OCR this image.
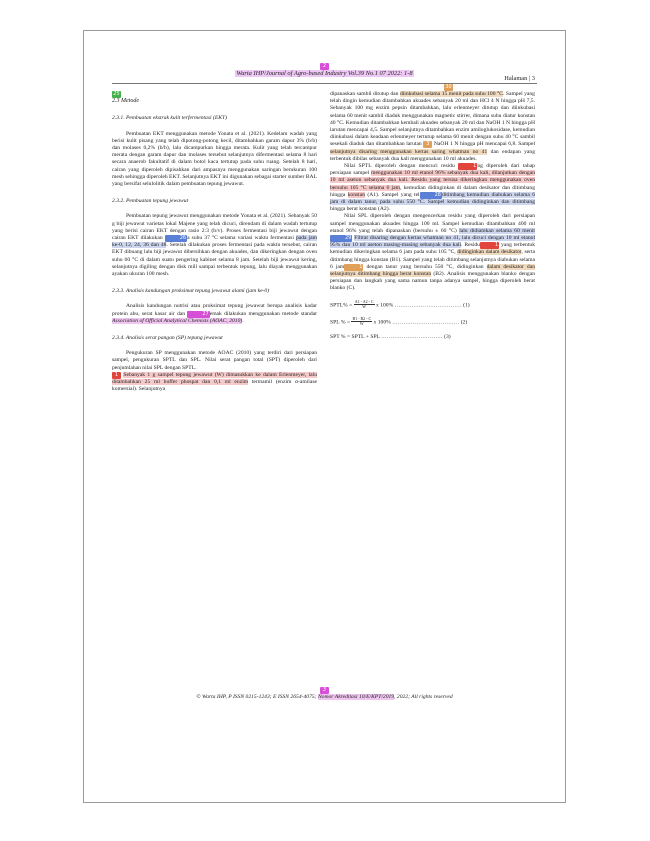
2
Warta IHP/Journal of Agro-based Industry Vol.39 No.1 07 2022: 1-8
30
Halaman | 3

25
2.3 Metode

2.3.1. Pembuatan ekstrak kulit terfermentasi (EKT)

Pembuatan EKT menggunakan metode Yonata et al. (2021). Kedelam wadah yang berisi kulit pisang yang telah dipotong-potong kecil, ditambahkan garam dapur 3% (b/b) dan molases 0,2% (b/b), lalu dicampurkan hingga merata. Kulit yang telah tercampur merata dengan garam dapur dan molases tersebut selanjutnya difermentasi selama 8 hari secara anaerob fakultatif di dalam botol kaca tertutup pada suhu ruang. Setelah 8 hari, cairan yang diperoleh dipisahkan dari ampasnya menggunakan saringan berukuran 100 mesh sehingga diperoleh EKT. Selanjutnya EKT ini digunakan sebagai starter sumber BAL yang bersifat selulolitik dalam pembuatan tepung jewawut.

2.3.2. Pembuatan tepung jewawut

Pembuatan tepung jewawut menggunakan metode Yonata et al. (2021). Sebanyak 50 g biji jewawut varietas lokal Majene yang telah dicuci, direndam di dalam wadah tertutup yang berisi cairan EKT dengan rasio 2:3 (b/v). Proses fermentasi biji jewawut dengan cairan EKT dilakukan	26a suhu 37 °C selama variasi waktu fermentasi pada jam ke-0, 12, 24, 36 dan 48. Setelah dilakukan proses fermentasi pada waktu tersebut, cairan EKT dibuang lalu biji jewawut dibersihkan dengan akuades, dan dikeringkan dengan oven suhu 60 °C di dalam suatu pengering kabinet selama 8 jam. Setelah biji jewawut kering, selanjutnya digiling dengan disk mill sampai terbentuk tepung, lalu diayak menggunakan ayakan ukuran 100 mesh.

2.3.3. Analisis kandungan proksimat tepung jewawut alami (jam ke-0)

Analisis kandungan nutrisi atau proksimat tepung jewawut berupa analisis kadar protein abu, serat kasar air dan	27emak dilakukan menggunakan metode standar Association of Official Analytical Chemists (AOAC, 2010).

2.3.4. Analisis serat pangan (SP) tepung jewawut

Pengukuran SP menggunakan metode AOAC (2010) yang terdiri dari persiapan sampel, pengukuran SPTL dan SPL. Nilai serat pangan total (SPT) diperoleh dari penjumlahan nilai SPL dengan SPTL.

1 Sebanyak 1 g sampel tepung jewawut (W) dimasukkan ke dalam Erlenmeyer, lalu ditambahkan 25 ml buffer phospat dan 0,1 ml enzim termamil (enzim α-amilase komersial). Selanjutnya

dipanaskan sambil ditutup dan diinkubasi selama 15 menit pada suhu 100 °C. Sampel yang telah dingin kemudian ditambahkan akuades sebanyak 20 ml dan HCl 4 N hingga pH 7,5. Sebanyak 100 mg enzim pepsin ditambahkan, lalu erlenmeyer ditutup dan diinkubasi selama 60 menit sambil diaduk menggunakan magnetic stirrer, dimana suhu diatur konstan 40 °C. Kemudian ditambahkan kembali akuades sebanyak 20 ml dan NaOH 1 N hingga pH larutan mencapai 4,5. Sampel selanjutnya ditambahkan enzim amiloglukosidase, kemudian diinkubasi dalam keadaan erlenmeyer tertutup selama 60 menit dengan suhu 40 °C sambil sesekali diaduk dan ditambahkan larutan 3 NaOH 1 N hingga pH mencapai 6,8. Sampel selanjutnya disaring menggunakan kertas saring whatman no 41 dan endapan yang terbentuk dibilas sebanyak dua kali menggunakan 10 ml akuades.

Nilai SPTL diperoleh dengan mencuci residu	1ng diperoleh dari tahap persiapan sampel menggunakan 10 ml etanol 96% sebanyak dua kali, dilanjutkan dengan 10 ml aseton sebanyak dua kali. Residu yang tersisa dikeringkan menggunakan oven bersuhu 105 °C selama 6 jam, kemudian didinginkan di dalam desikator dan ditimbang hingga konstan (A1). Sampel yang tel	28ditimbang kemudian diabukan selama 6 jam di dalam tanur, pada suhu 550 °C. Sampel kemudian didinginkan dan ditimbang hingga berat konstan (A2).

Nilai SPL diperoleh dengan mengencerkan residu yang diperoleh dari persiapan sampel menggunakan akuades hingga 100 ml. Sampel kemudian ditambahkan 400 ml etanol 96% yang telah dipanaskan (bersuhu ± 60 °C) lalu didiamkan selama 60 menit29 Filtrat disaring dengan kertas whatman no 41, lalu dicuci dengan 10 ml etanol 95% dan 10 ml aseton masing-masing sebanyak dua kali. Residu	1 yang terbentuk kemudian dikeringkan selama 6 jam pada suhu 105 °C, didinginkan dalam desikator, serta ditimbang hingga konstan (B1). Sampel yang telah ditimbang selanjutnya diabukan selama 6 jam	1 dengan tanur yang bersuhu 550 °C, didinginkan dalam desikator dan selanjutnya ditimbang hingga berat konstan (B2). Analisis menggunakan blanko dengan persiapan dan langkah yang sama namun tanpa adanya sampel, hingga diperoleh berat blanko (C).

SPTL% = $\frac{A1 - A2 - C}{W}$ x 100% ……………………………… (1)

SPL % = $\frac{B1 - B2 - C}{W}$ x 100% ……………………………… (2)

SPT % = SPTL + SPL …………………………… (3)

3
© Warta IHP, P ISSN 0215-1243; E ISSN 2654-4075; Nomor Akreditasi 10/E/KPT/2019, 2022; All rights reserved
